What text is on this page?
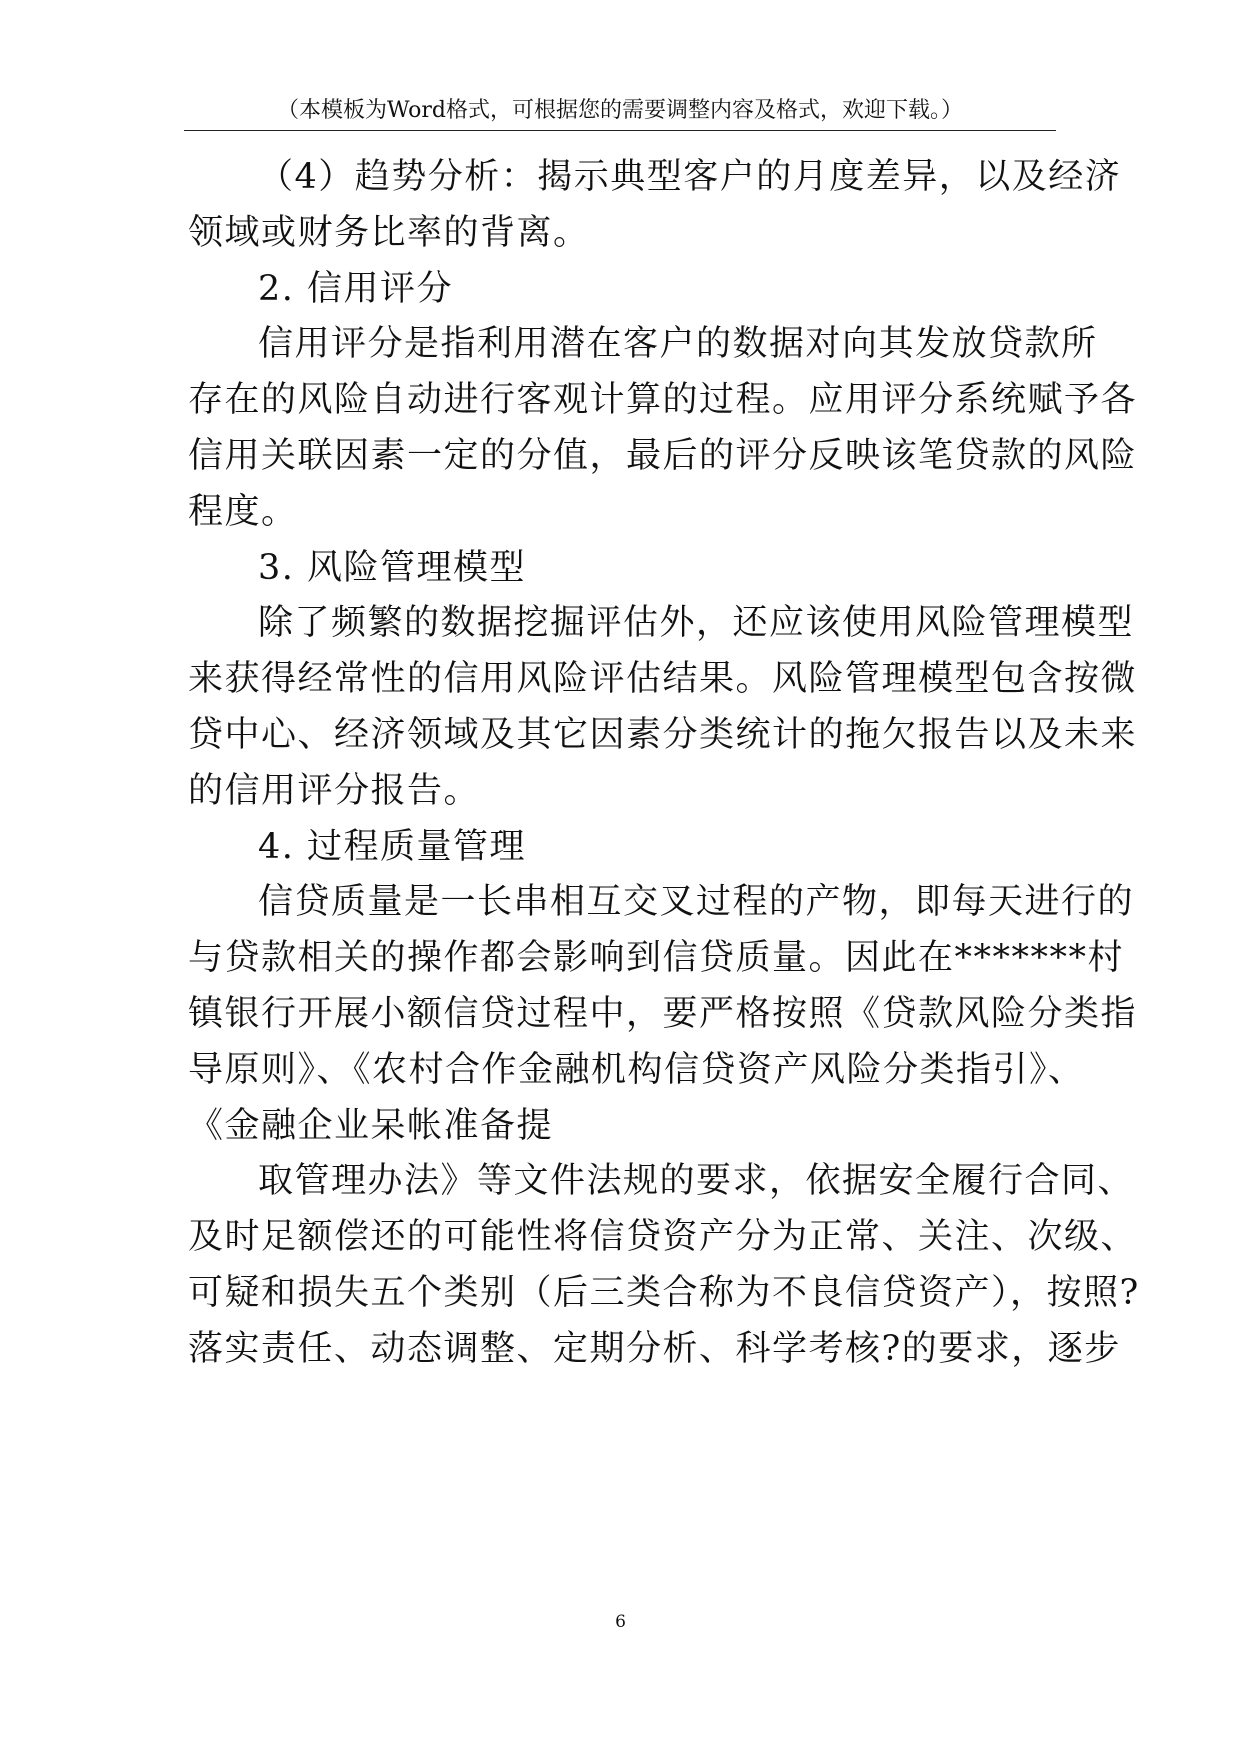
（本模板为Word格式，可根据您的需要调整内容及格式，欢迎下载。）
（4）趋势分析：揭示典型客户的月度差异，以及经济
领域或财务比率的背离。
2. 信用评分
信用评分是指利用潜在客户的数据对向其发放贷款所
存在的风险自动进行客观计算的过程。应用评分系统赋予各
信用关联因素一定的分值，最后的评分反映该笔贷款的风险
程度。
3. 风险管理模型
除了频繁的数据挖掘评估外，还应该使用风险管理模型
来获得经常性的信用风险评估结果。风险管理模型包含按微
贷中心、经济领域及其它因素分类统计的拖欠报告以及未来
的信用评分报告。
4. 过程质量管理
信贷质量是一长串相互交叉过程的产物，即每天进行的
与贷款相关的操作都会影响到信贷质量。因此在*******村
镇银行开展小额信贷过程中，要严格按照《贷款风险分类指
导原则》、《农村合作金融机构信贷资产风险分类指引》、
《金融企业呆帐准备提
取管理办法》等文件法规的要求，依据安全履行合同、
及时足额偿还的可能性将信贷资产分为正常、关注、次级、
可疑和损失五个类别（后三类合称为不良信贷资产），按照?
落实责任、动态调整、定期分析、科学考核?的要求，逐步
6
